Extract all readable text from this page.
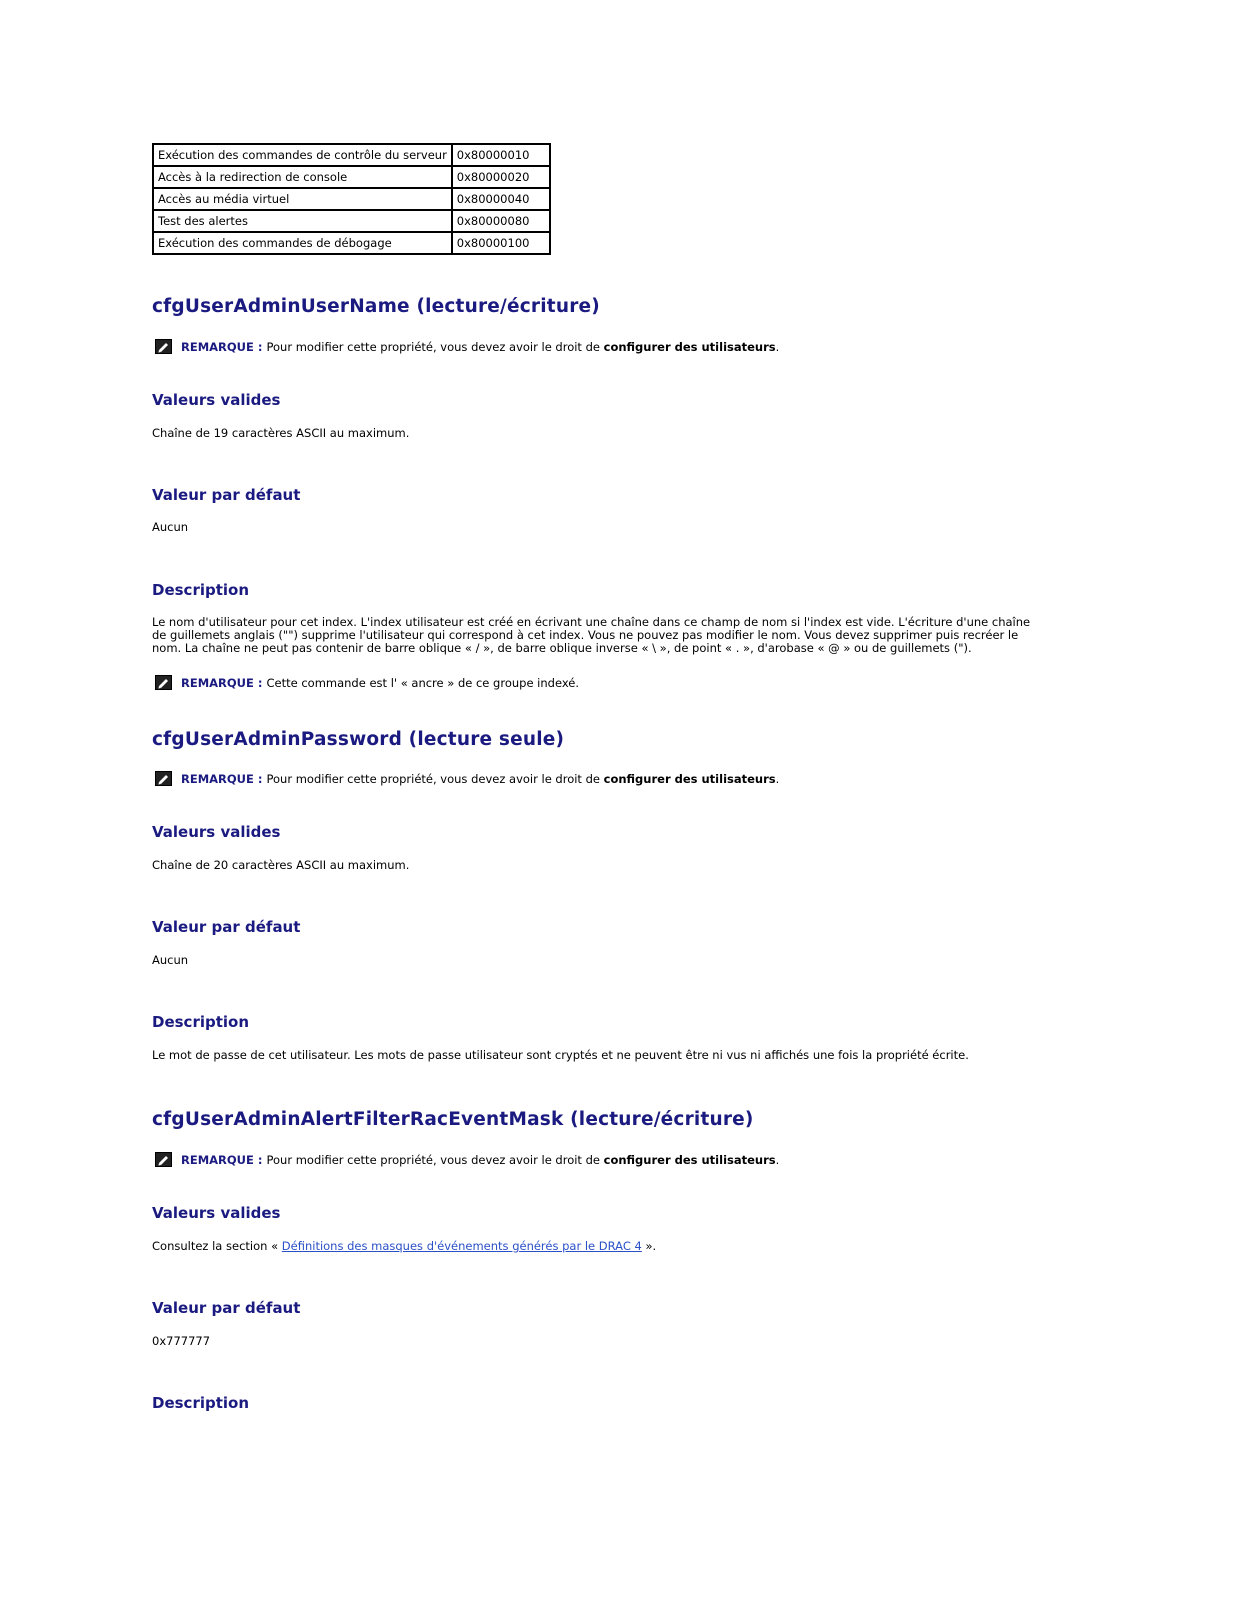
Exécution des commandes de contrôle du serveur	0x80000010
Accès à la redirection de console	0x80000020
Accès au média virtuel	0x80000040
Test des alertes	0x80000080
Exécution des commandes de débogage	0x80000100
cfgUserAdminUserName (lecture/écriture)
REMARQUE : Pour modifier cette propriété, vous devez avoir le droit de
configurer des utilisateurs .
Valeurs valides
Chaîne de 19 caractères ASCII au maximum.
Valeur par défaut
Aucun
Description
Le nom d'utilisateur pour cet index. L'index utilisateur est créé en écrivant une chaîne dans ce champ de nom si l'index est vide. L'écriture d'une chaîne de guillemets anglais ("") supprime l'utilisateur qui correspond à cet index. Vous ne pouvez pas modifier le nom. Vous devez supprimer puis recréer le nom. La chaîne ne peut pas contenir de barre oblique « / », de barre oblique inverse « \ », de point « . », d'arobase « @ » ou de guillemets (").
REMARQUE : Cette commande est l' « ancre » de ce groupe indexé.
cfgUserAdminPassword (lecture seule)
REMARQUE : Pour modifier cette propriété, vous devez avoir le droit de
configurer des utilisateurs .
Valeurs valides
Chaîne de 20 caractères ASCII au maximum.
Valeur par défaut
Aucun
Description
Le mot de passe de cet utilisateur. Les mots de passe utilisateur sont cryptés et ne peuvent être ni vus ni affichés une fois la propriété écrite.
cfgUserAdminAlertFilterRacEventMask (lecture/écriture)
REMARQUE : Pour modifier cette propriété, vous devez avoir le droit de
configurer des utilisateurs .
Valeurs valides
Consultez la section « Définitions des masques d'événements générés par le DRAC 4 ».
Valeur par défaut
0x777777
Description
